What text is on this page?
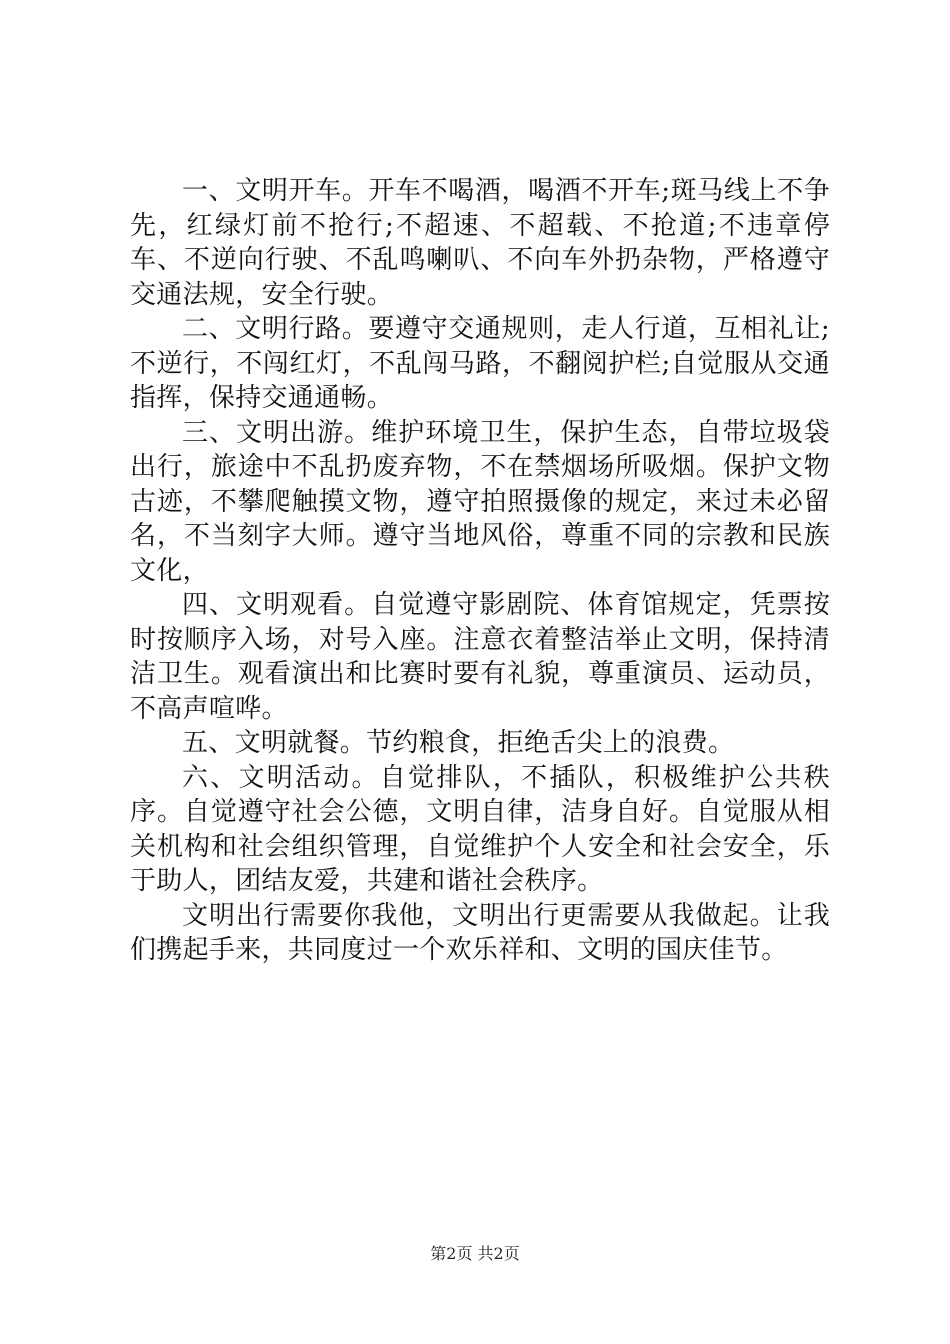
一、文明开车。开车不喝酒，喝酒不开车;斑马线上不争先，红绿灯前不抢行;不超速、不超载、不抢道;不违章停车、不逆向行驶、不乱鸣喇叭、不向车外扔杂物，严格遵守交通法规，安全行驶。

二、文明行路。要遵守交通规则，走人行道，互相礼让;不逆行，不闯红灯，不乱闯马路，不翻阅护栏;自觉服从交通指挥，保持交通通畅。

三、文明出游。维护环境卫生，保护生态，自带垃圾袋出行，旅途中不乱扔废弃物，不在禁烟场所吸烟。保护文物古迹，不攀爬触摸文物，遵守拍照摄像的规定，来过未必留名，不当刻字大师。遵守当地风俗，尊重不同的宗教和民族文化，

四、文明观看。自觉遵守影剧院、体育馆规定，凭票按时按顺序入场，对号入座。注意衣着整洁举止文明，保持清洁卫生。观看演出和比赛时要有礼貌，尊重演员、运动员，不高声喧哗。

五、文明就餐。节约粮食，拒绝舌尖上的浪费。

六、文明活动。自觉排队，不插队，积极维护公共秩序。自觉遵守社会公德，文明自律，洁身自好。自觉服从相关机构和社会组织管理，自觉维护个人安全和社会安全，乐于助人，团结友爱，共建和谐社会秩序。

文明出行需要你我他，文明出行更需要从我做起。让我们携起手来，共同度过一个欢乐祥和、文明的国庆佳节。

第2页 共2页
